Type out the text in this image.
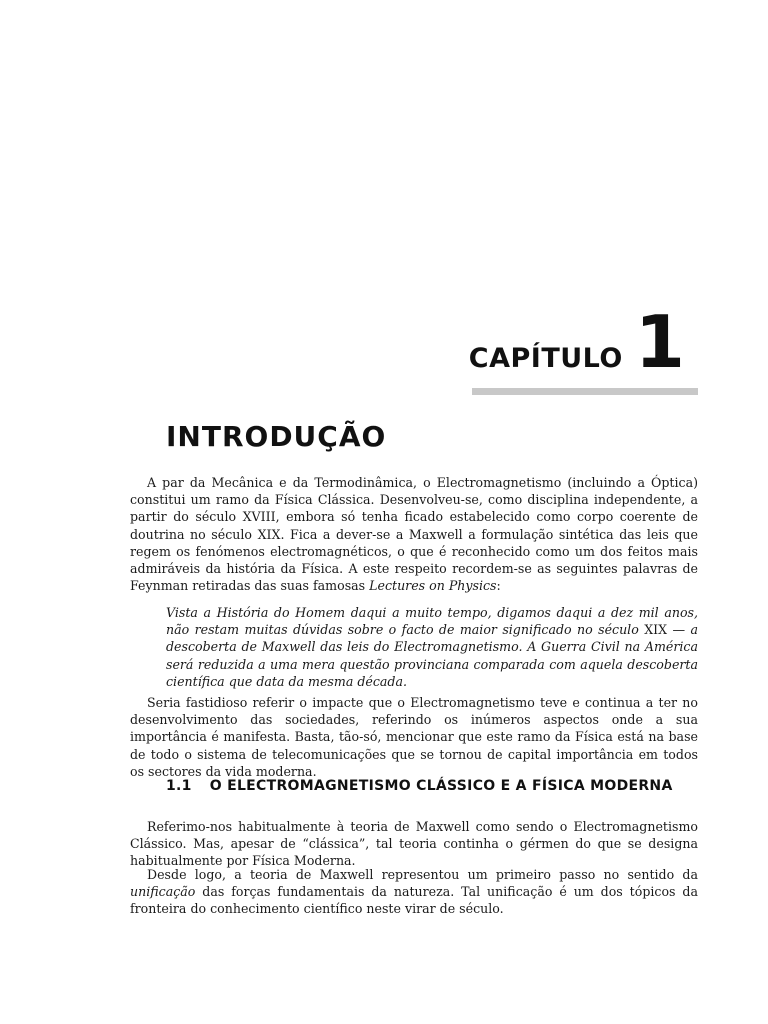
CAPÍTULO 1
INTRODUÇÃO

A par da Mecânica e da Termodinâmica, o Electromagnetismo (incluindo a Óptica) constitui um ramo da Física Clássica. Desenvolveu-se, como disciplina independente, a partir do século XVIII, embora só tenha ficado estabelecido como corpo coerente de doutrina no século XIX. Fica a dever-se a Maxwell a formulação sintética das leis que regem os fenómenos electromagnéticos, o que é reconhecido como um dos feitos mais admiráveis da história da Física. A este respeito recordem-se as seguintes palavras de Feynman retiradas das suas famosas Lectures on Physics:

Vista a História do Homem daqui a muito tempo, digamos daqui a dez mil anos, não restam muitas dúvidas sobre o facto de maior significado no século XIX — a descoberta de Maxwell das leis do Electromagnetismo. A Guerra Civil na América será reduzida a uma mera questão provinciana comparada com aquela descoberta científica que data da mesma década.

Seria fastidioso referir o impacte que o Electromagnetismo teve e continua a ter no desenvolvimento das sociedades, referindo os inúmeros aspectos onde a sua importância é manifesta. Basta, tão-só, mencionar que este ramo da Física está na base de todo o sistema de telecomunicações que se tornou de capital importância em todos os sectores da vida moderna.

1.1 O ELECTROMAGNETISMO CLÁSSICO E A FÍSICA MODERNA

Referimo-nos habitualmente à teoria de Maxwell como sendo o Electromagnetismo Clássico. Mas, apesar de “clássica”, tal teoria continha o gérmen do que se designa habitualmente por Física Moderna.

Desde logo, a teoria de Maxwell representou um primeiro passo no sentido da unificação das forças fundamentais da natureza. Tal unificação é um dos tópicos da fronteira do conhecimento científico neste virar de século.
